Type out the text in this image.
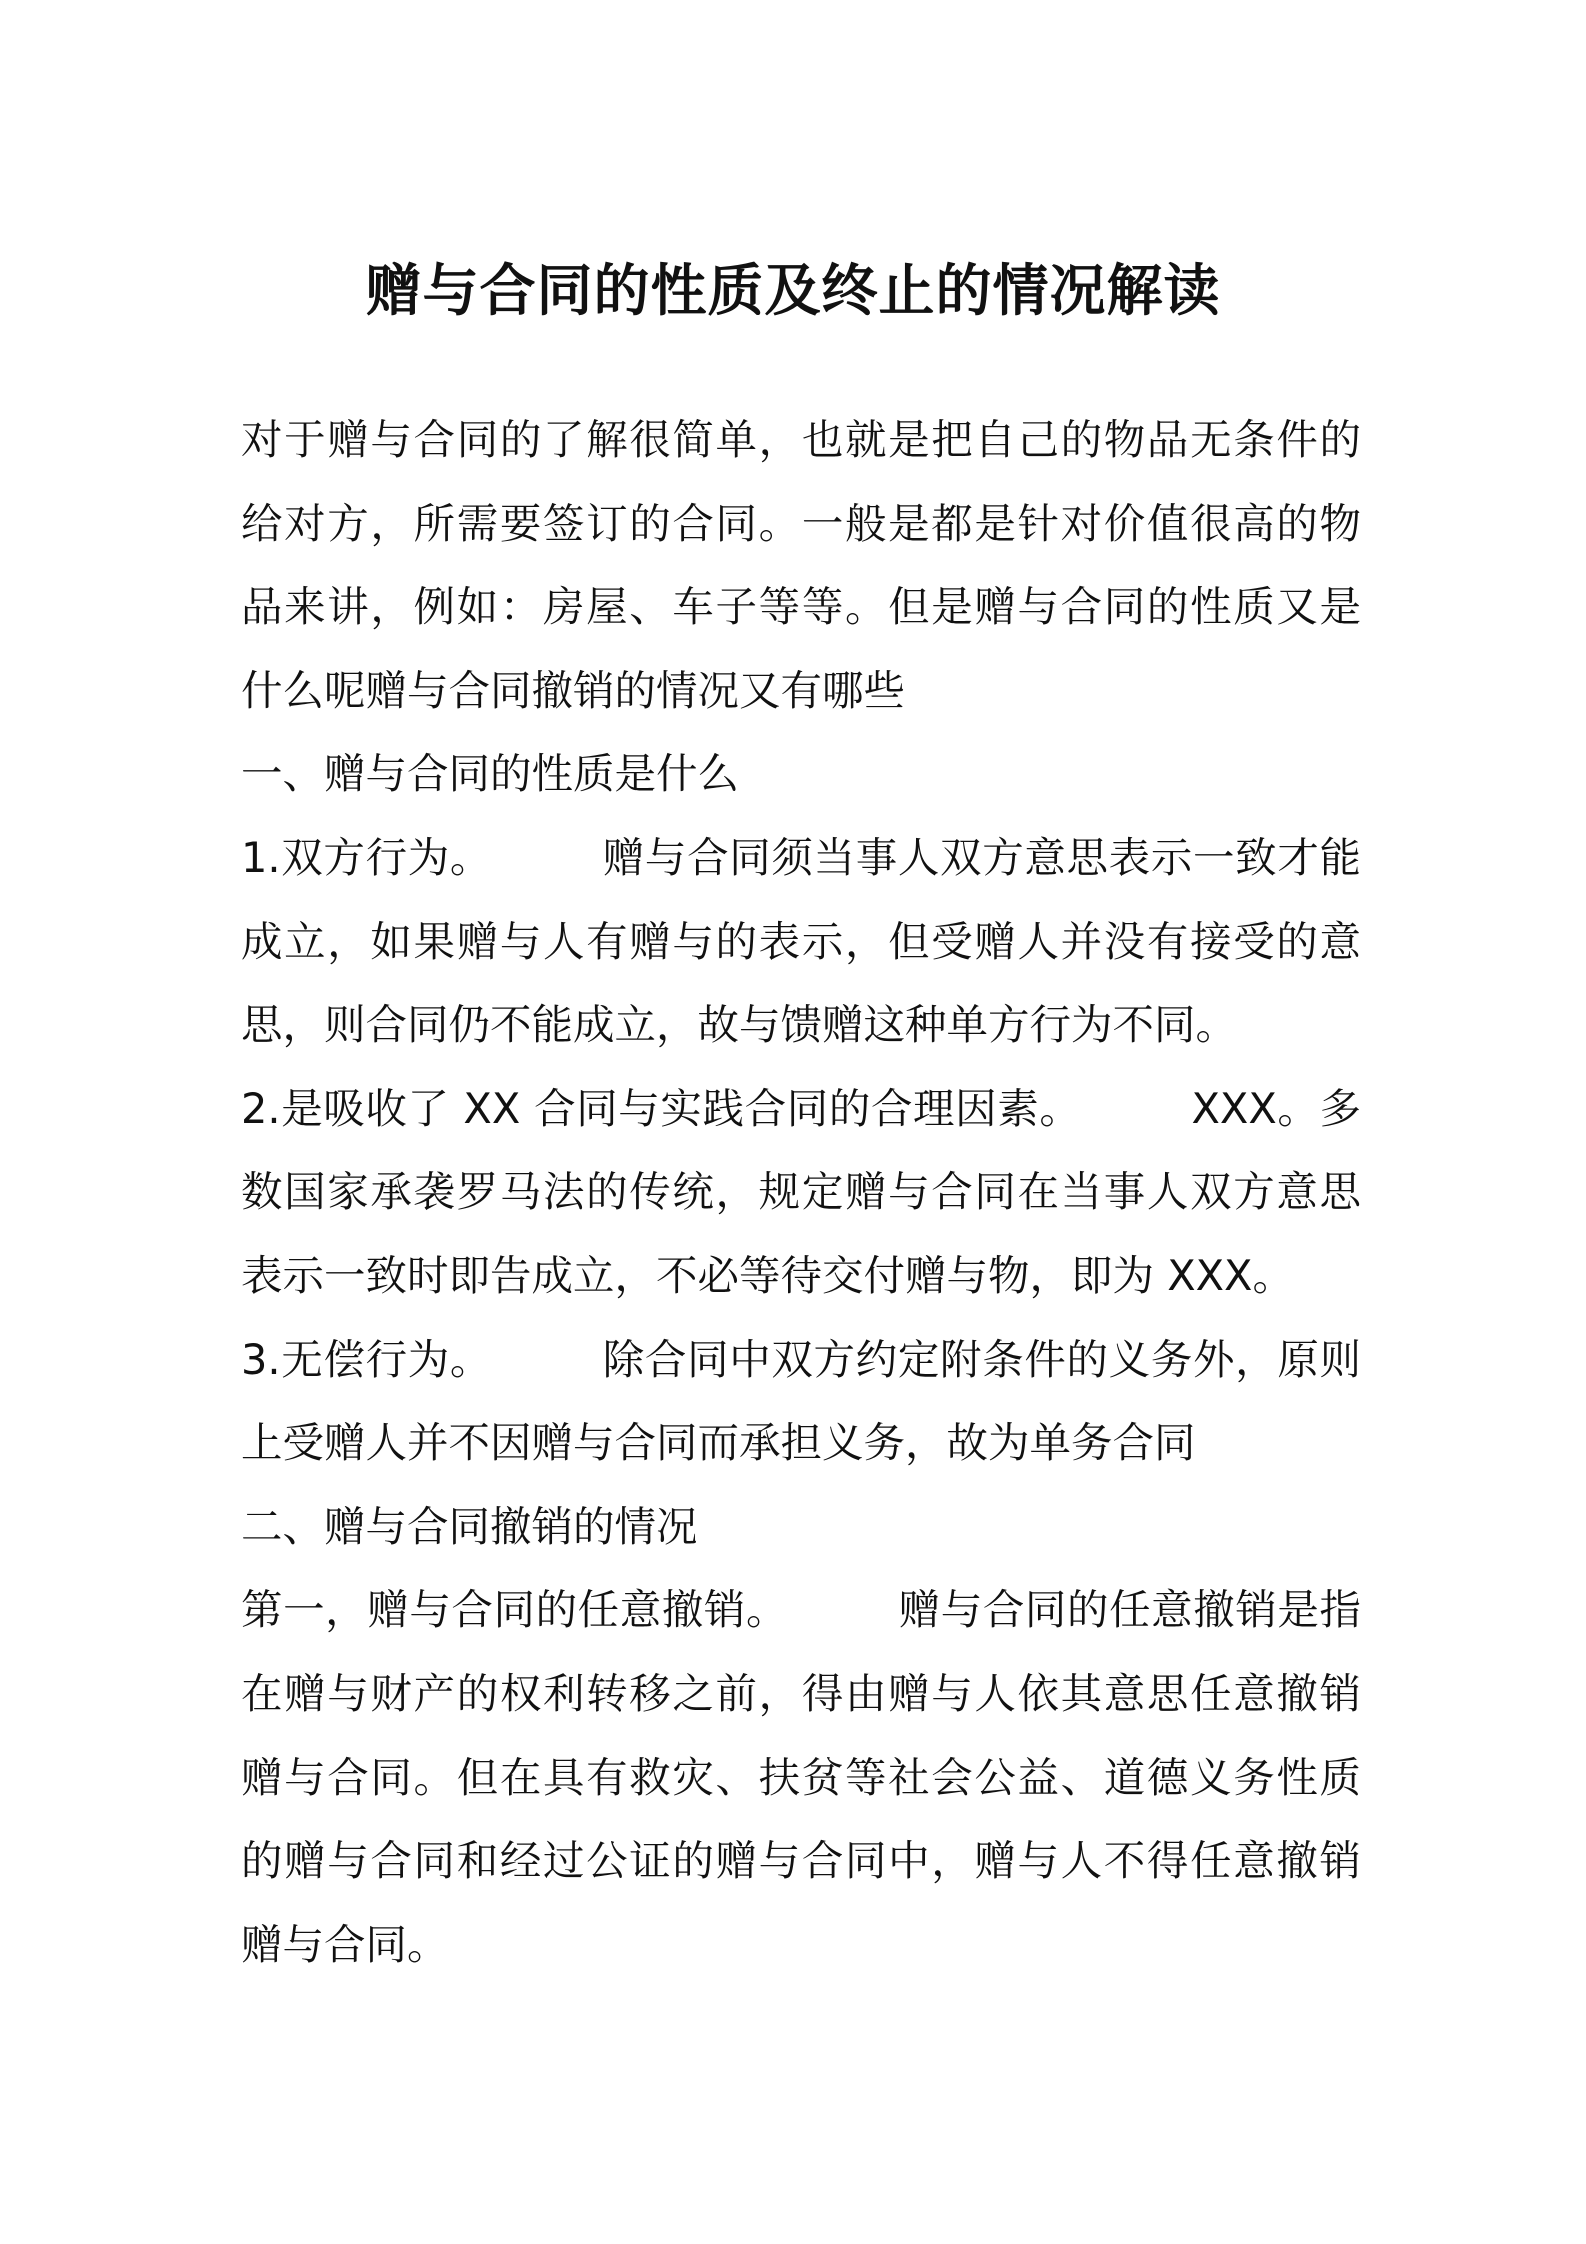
赠与合同的性质及终止的情况解读

对于赠与合同的了解很简单，也就是把自己的物品无条件的给对方，所需要签订的合同。一般是都是针对价值很高的物品来讲，例如：房屋、车子等等。但是赠与合同的性质又是什么呢赠与合同撤销的情况又有哪些

一、赠与合同的性质是什么

1.双方行为。	赠与合同须当事人双方意思表示一致才能成立，如果赠与人有赠与的表示，但受赠人并没有接受的意思，则合同仍不能成立，故与馈赠这种单方行为不同。

2.是吸收了 XX 合同与实践合同的合理因素。	XXX。多数国家承袭罗马法的传统，规定赠与合同在当事人双方意思表示一致时即告成立，不必等待交付赠与物，即为 XXX。

3.无偿行为。	除合同中双方约定附条件的义务外，原则上受赠人并不因赠与合同而承担义务，故为单务合同

二、赠与合同撤销的情况

第一，赠与合同的任意撤销。	赠与合同的任意撤销是指在赠与财产的权利转移之前，得由赠与人依其意思任意撤销赠与合同。但在具有救灾、扶贫等社会公益、道德义务性质的赠与合同和经过公证的赠与合同中，赠与人不得任意撤销赠与合同。
